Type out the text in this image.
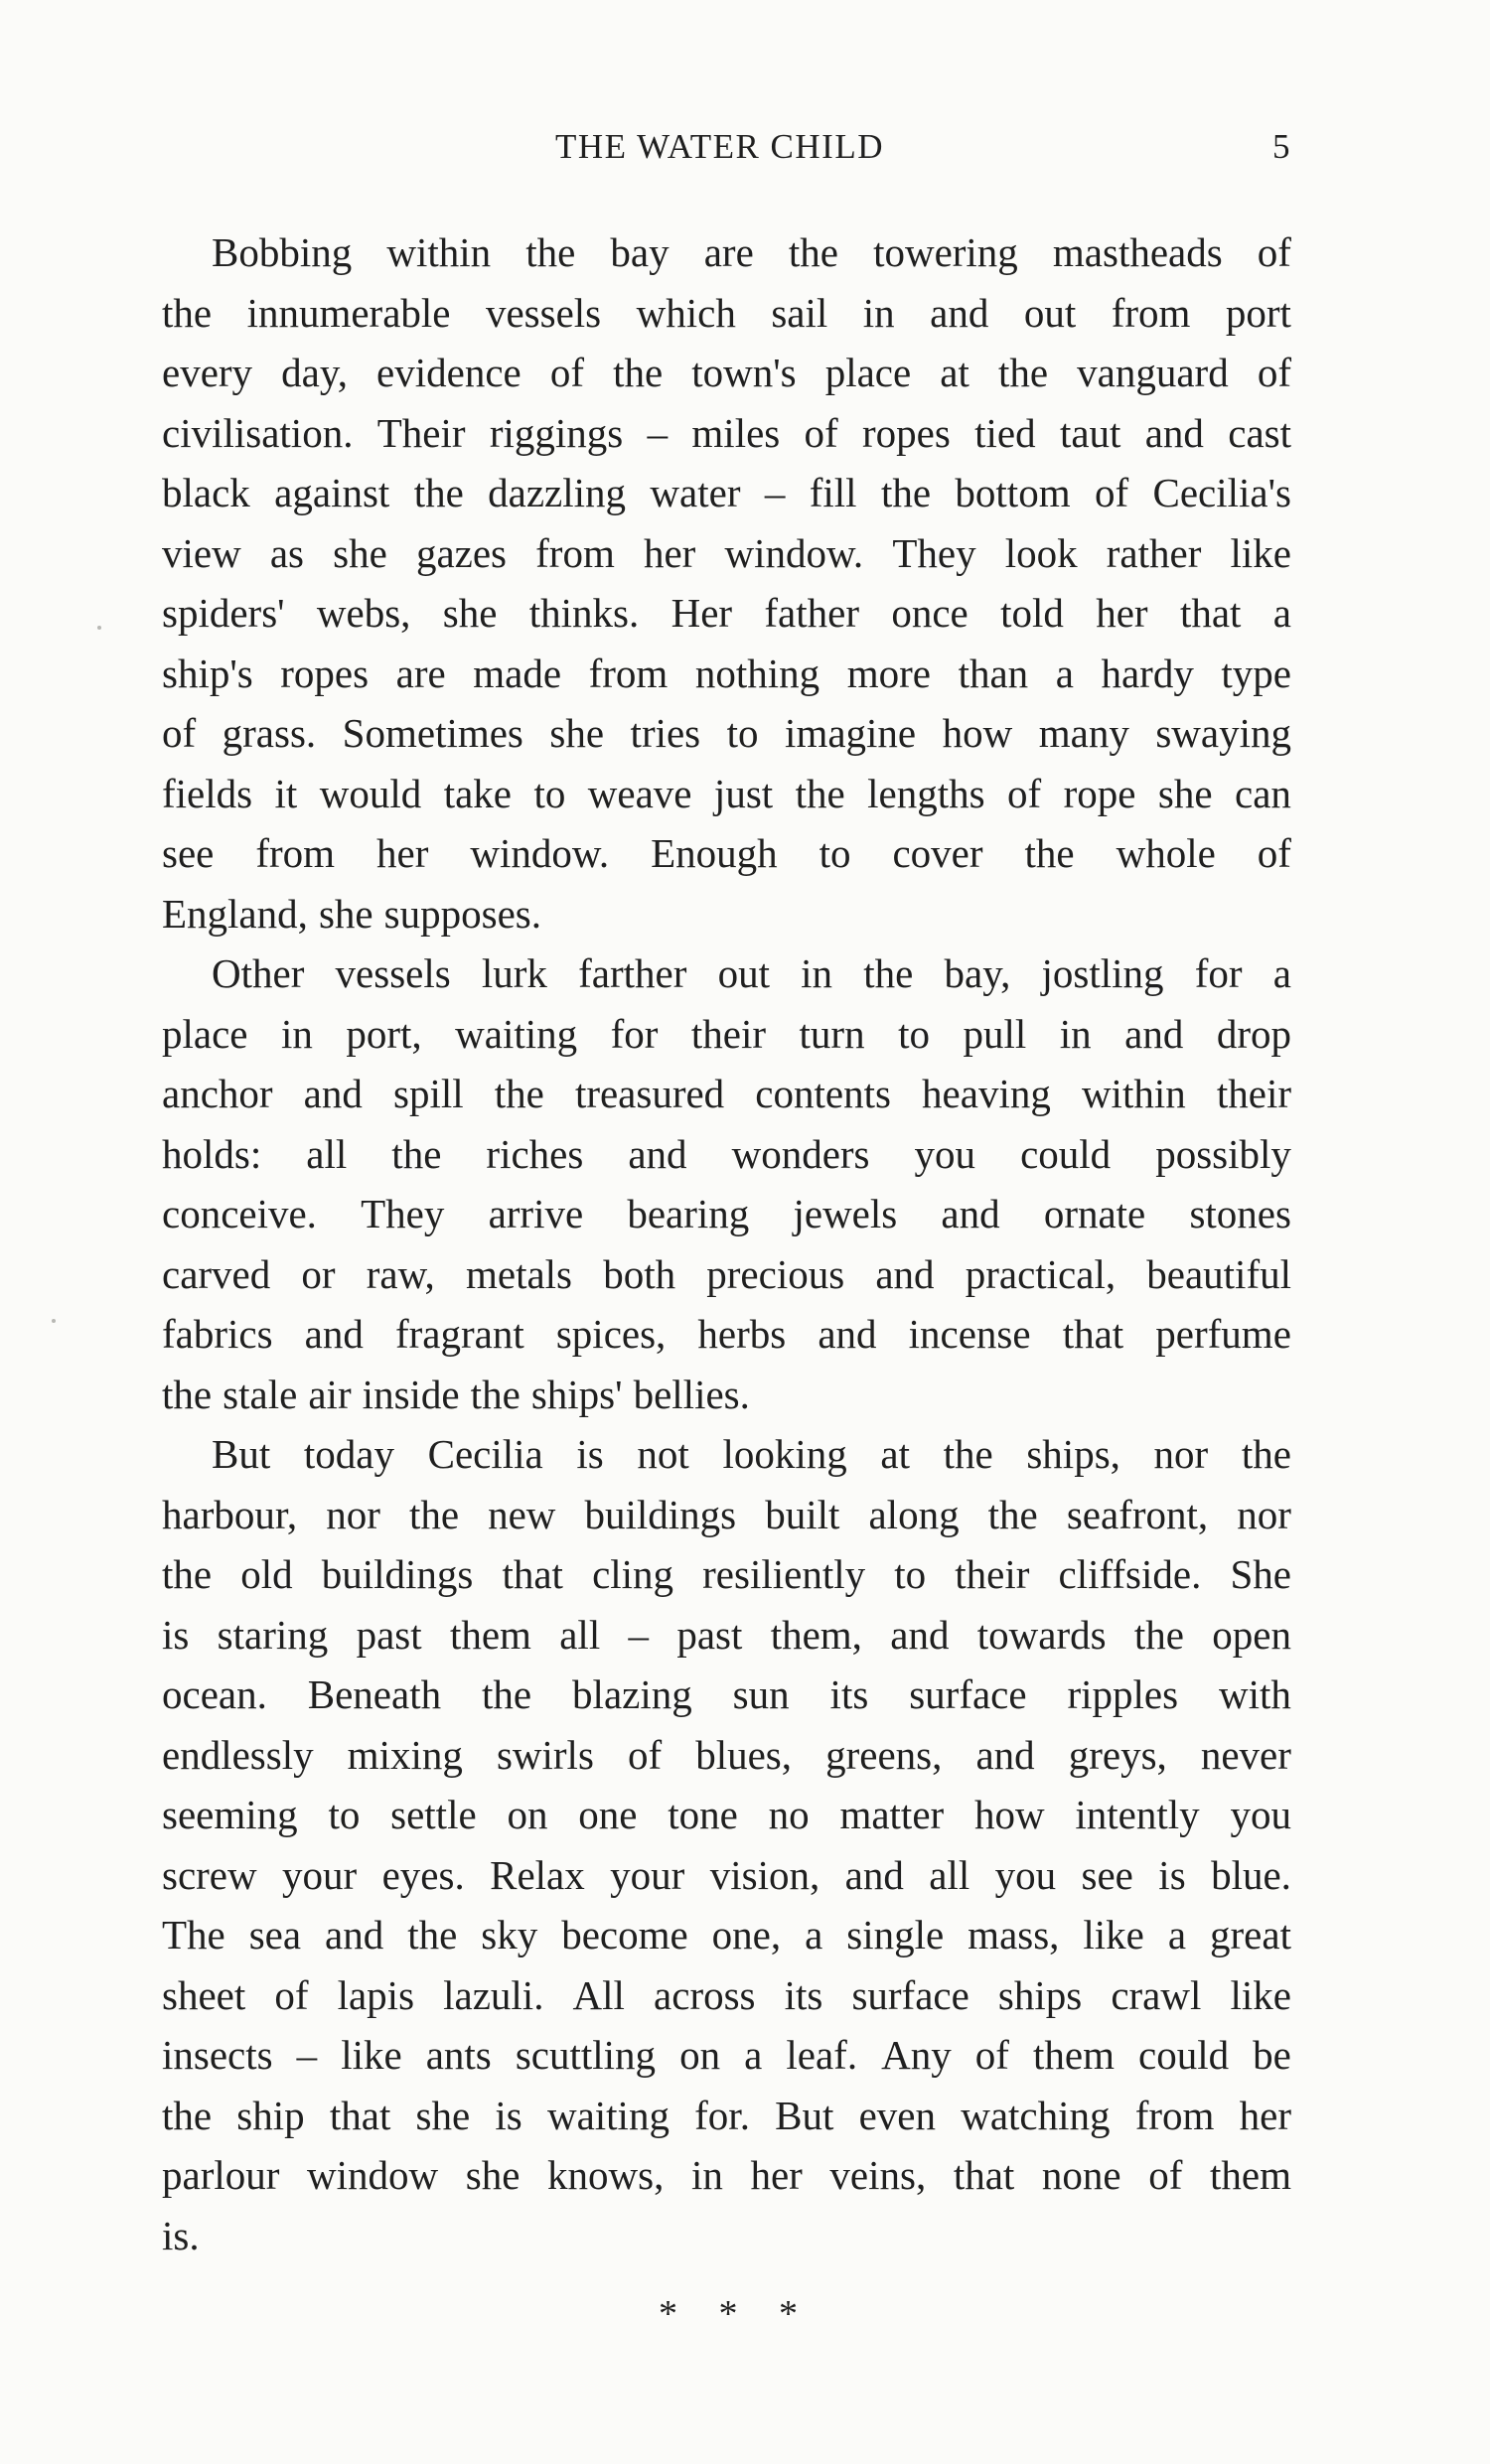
THE WATER CHILD	5
Bobbing within the bay are the towering mastheads of
the innumerable vessels which sail in and out from port
every day, evidence of the town's place at the vanguard of
civilisation. Their riggings – miles of ropes tied taut and cast
black against the dazzling water – fill the bottom of Cecilia's
view as she gazes from her window. They look rather like
spiders' webs, she thinks. Her father once told her that a
ship's ropes are made from nothing more than a hardy type
of grass. Sometimes she tries to imagine how many swaying
fields it would take to weave just the lengths of rope she can
see from her window. Enough to cover the whole of
England, she supposes.
Other vessels lurk farther out in the bay, jostling for a
place in port, waiting for their turn to pull in and drop
anchor and spill the treasured contents heaving within their
holds: all the riches and wonders you could possibly
conceive. They arrive bearing jewels and ornate stones
carved or raw, metals both precious and practical, beautiful
fabrics and fragrant spices, herbs and incense that perfume
the stale air inside the ships' bellies.
But today Cecilia is not looking at the ships, nor the
harbour, nor the new buildings built along the seafront, nor
the old buildings that cling resiliently to their cliffside. She
is staring past them all – past them, and towards the open
ocean. Beneath the blazing sun its surface ripples with
endlessly mixing swirls of blues, greens, and greys, never
seeming to settle on one tone no matter how intently you
screw your eyes. Relax your vision, and all you see is blue.
The sea and the sky become one, a single mass, like a great
sheet of lapis lazuli. All across its surface ships crawl like
insects – like ants scuttling on a leaf. Any of them could be
the ship that she is waiting for. But even watching from her
parlour window she knows, in her veins, that none of them
is.
* * *
